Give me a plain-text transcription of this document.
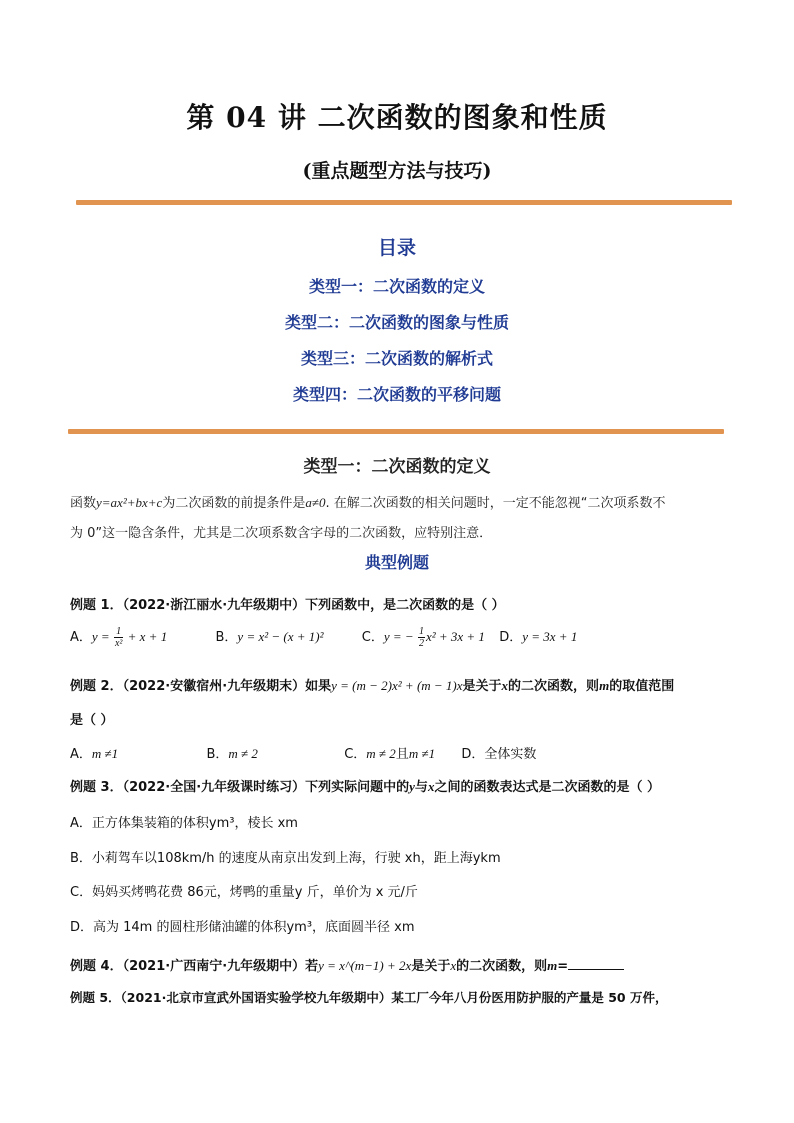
第 04 讲 二次函数的图象和性质
(重点题型方法与技巧)
目录
类型一：二次函数的定义
类型二：二次函数的图象与性质
类型三：二次函数的解析式
类型四：二次函数的平移问题
类型一：二次函数的定义
函数y=ax²+bx+c为二次函数的前提条件是a≠0. 在解二次函数的相关问题时，一定不能忽视“二次项系数不
为 0”这一隐含条件，尤其是二次项系数含字母的二次函数，应特别注意．
典型例题
例题 1．（2022·浙江丽水·九年级期中）下列函数中，是二次函数的是（ ）
A．$y = \frac{1}{\text{x²}} + x + 1$	B．y = x² − (x + 1)²	C．y = − $\frac{1}{2} x^2 + 3x + 1$ D．y = 3x + 1
例题 2．（2022·安徽宿州·九年级期末）如果y = (m − 2)x² + (m − 1)x是关于x的二次函数，则m的取值范围
是（ ）
A．m ≠1	B．m ≠ 2	C．m ≠ 2且m ≠1 D．全体实数
例题 3．（2022·全国·九年级课时练习）下列实际问题中的y与x之间的函数表达式是二次函数的是（ ）
A．正方体集装箱的体积ym³，棱长 xm
B．小莉驾车以108km/h 的速度从南京出发到上海，行驶 xh，距上海ykm
C．妈妈买烤鸭花费 86元，烤鸭的重量y 斤，单价为 x 元/斤
D．高为 14m 的圆柱形储油罐的体积ym³，底面圆半径 xm
例题 4．（2021·广西南宁·九年级期中）若y = x^(m−1) + 2x是关于x的二次函数，则m=
例题 5．（2021·北京市宣武外国语实验学校九年级期中）某工厂今年八月份医用防护服的产量是 50 万件，
